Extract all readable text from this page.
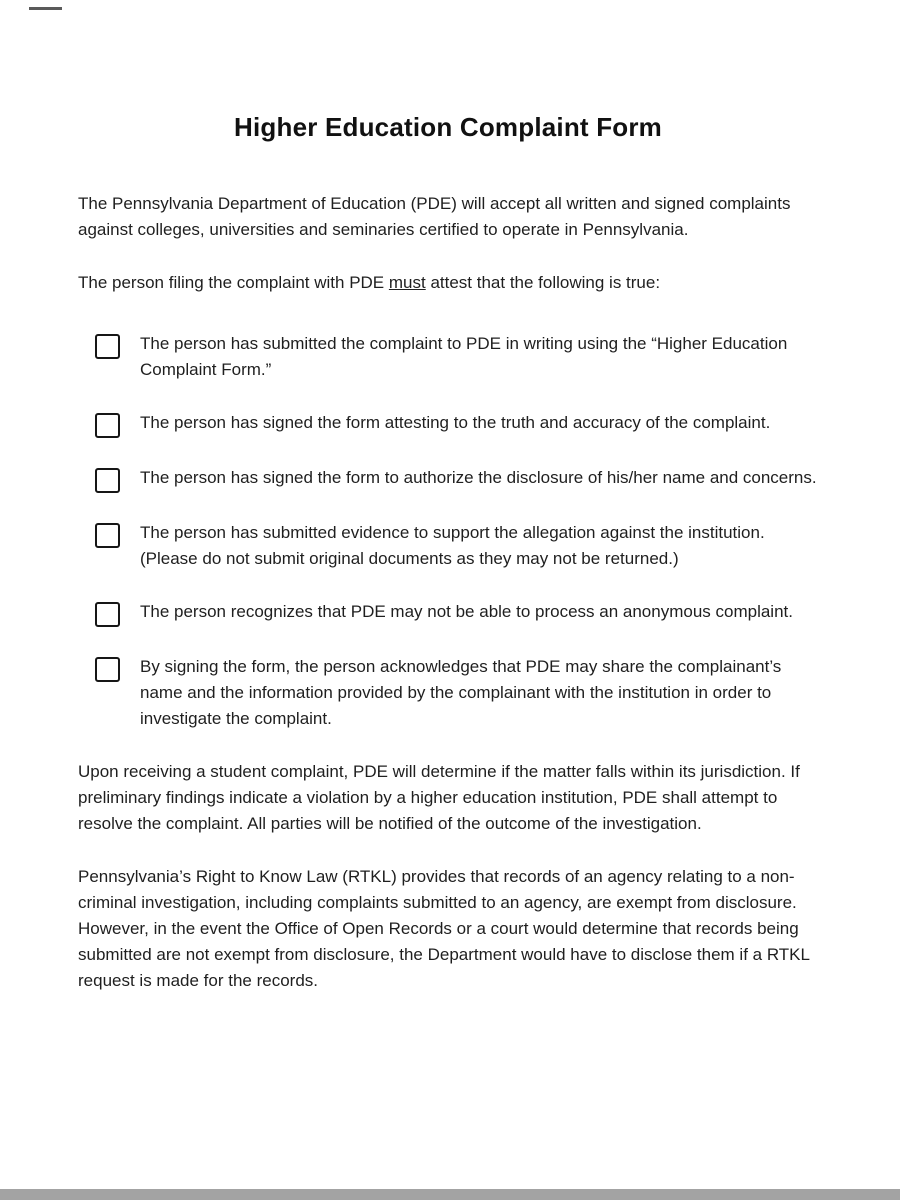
Higher Education Complaint Form

The Pennsylvania Department of Education (PDE) will accept all written and signed complaints against colleges, universities and seminaries certified to operate in Pennsylvania.

The person filing the complaint with PDE must attest that the following is true:

The person has submitted the complaint to PDE in writing using the “Higher Education Complaint Form.”
The person has signed the form attesting to the truth and accuracy of the complaint.
The person has signed the form to authorize the disclosure of his/her name and concerns.
The person has submitted evidence to support the allegation against the institution. (Please do not submit original documents as they may not be returned.)
The person recognizes that PDE may not be able to process an anonymous complaint.
By signing the form, the person acknowledges that PDE may share the complainant’s name and the information provided by the complainant with the institution in order to investigate the complaint.

Upon receiving a student complaint, PDE will determine if the matter falls within its jurisdiction. If preliminary findings indicate a violation by a higher education institution, PDE shall attempt to resolve the complaint. All parties will be notified of the outcome of the investigation.

Pennsylvania’s Right to Know Law (RTKL) provides that records of an agency relating to a non-criminal investigation, including complaints submitted to an agency, are exempt from disclosure. However, in the event the Office of Open Records or a court would determine that records being submitted are not exempt from disclosure, the Department would have to disclose them if a RTKL request is made for the records.
